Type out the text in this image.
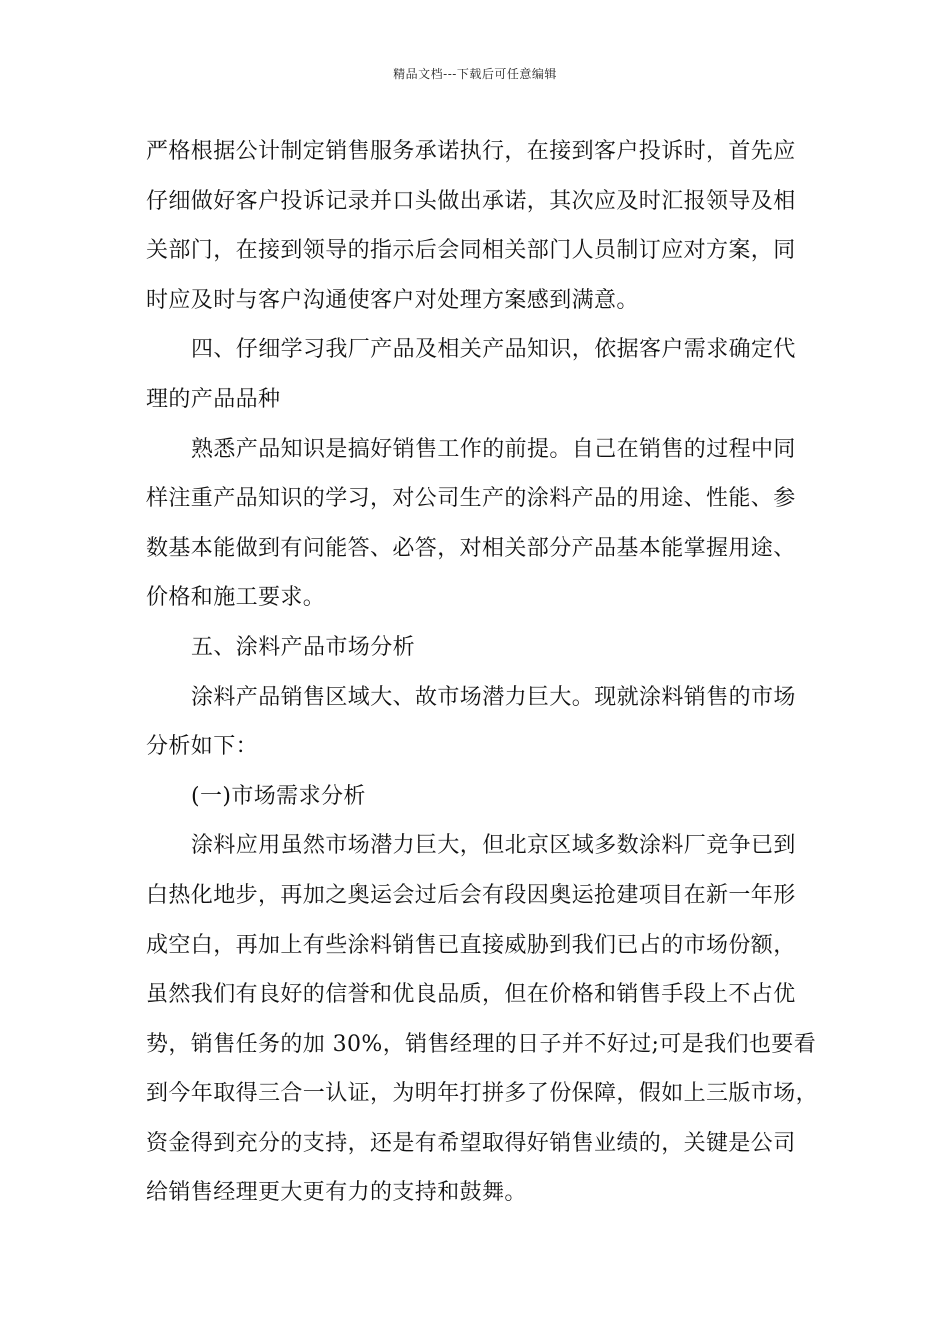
精品文档---下载后可任意编辑
严格根据公计制定销售服务承诺执行，在接到客户投诉时，首先应
仔细做好客户投诉记录并口头做出承诺，其次应及时汇报领导及相
关部门，在接到领导的指示后会同相关部门人员制订应对方案，同
时应及时与客户沟通使客户对处理方案感到满意。
四、仔细学习我厂产品及相关产品知识，依据客户需求确定代
理的产品品种
熟悉产品知识是搞好销售工作的前提。自己在销售的过程中同
样注重产品知识的学习，对公司生产的涂料产品的用途、性能、参
数基本能做到有问能答、必答，对相关部分产品基本能掌握用途、
价格和施工要求。
五、涂料产品市场分析
涂料产品销售区域大、故市场潜力巨大。现就涂料销售的市场
分析如下：
(一)市场需求分析
涂料应用虽然市场潜力巨大，但北京区域多数涂料厂竞争已到
白热化地步，再加之奥运会过后会有段因奥运抢建项目在新一年形
成空白，再加上有些涂料销售已直接威胁到我们已占的市场份额，
虽然我们有良好的信誉和优良品质，但在价格和销售手段上不占优
势，销售任务的加 30%，销售经理的日子并不好过;可是我们也要看
到今年取得三合一认证，为明年打拼多了份保障，假如上三版市场，
资金得到充分的支持，还是有希望取得好销售业绩的，关键是公司
给销售经理更大更有力的支持和鼓舞。
